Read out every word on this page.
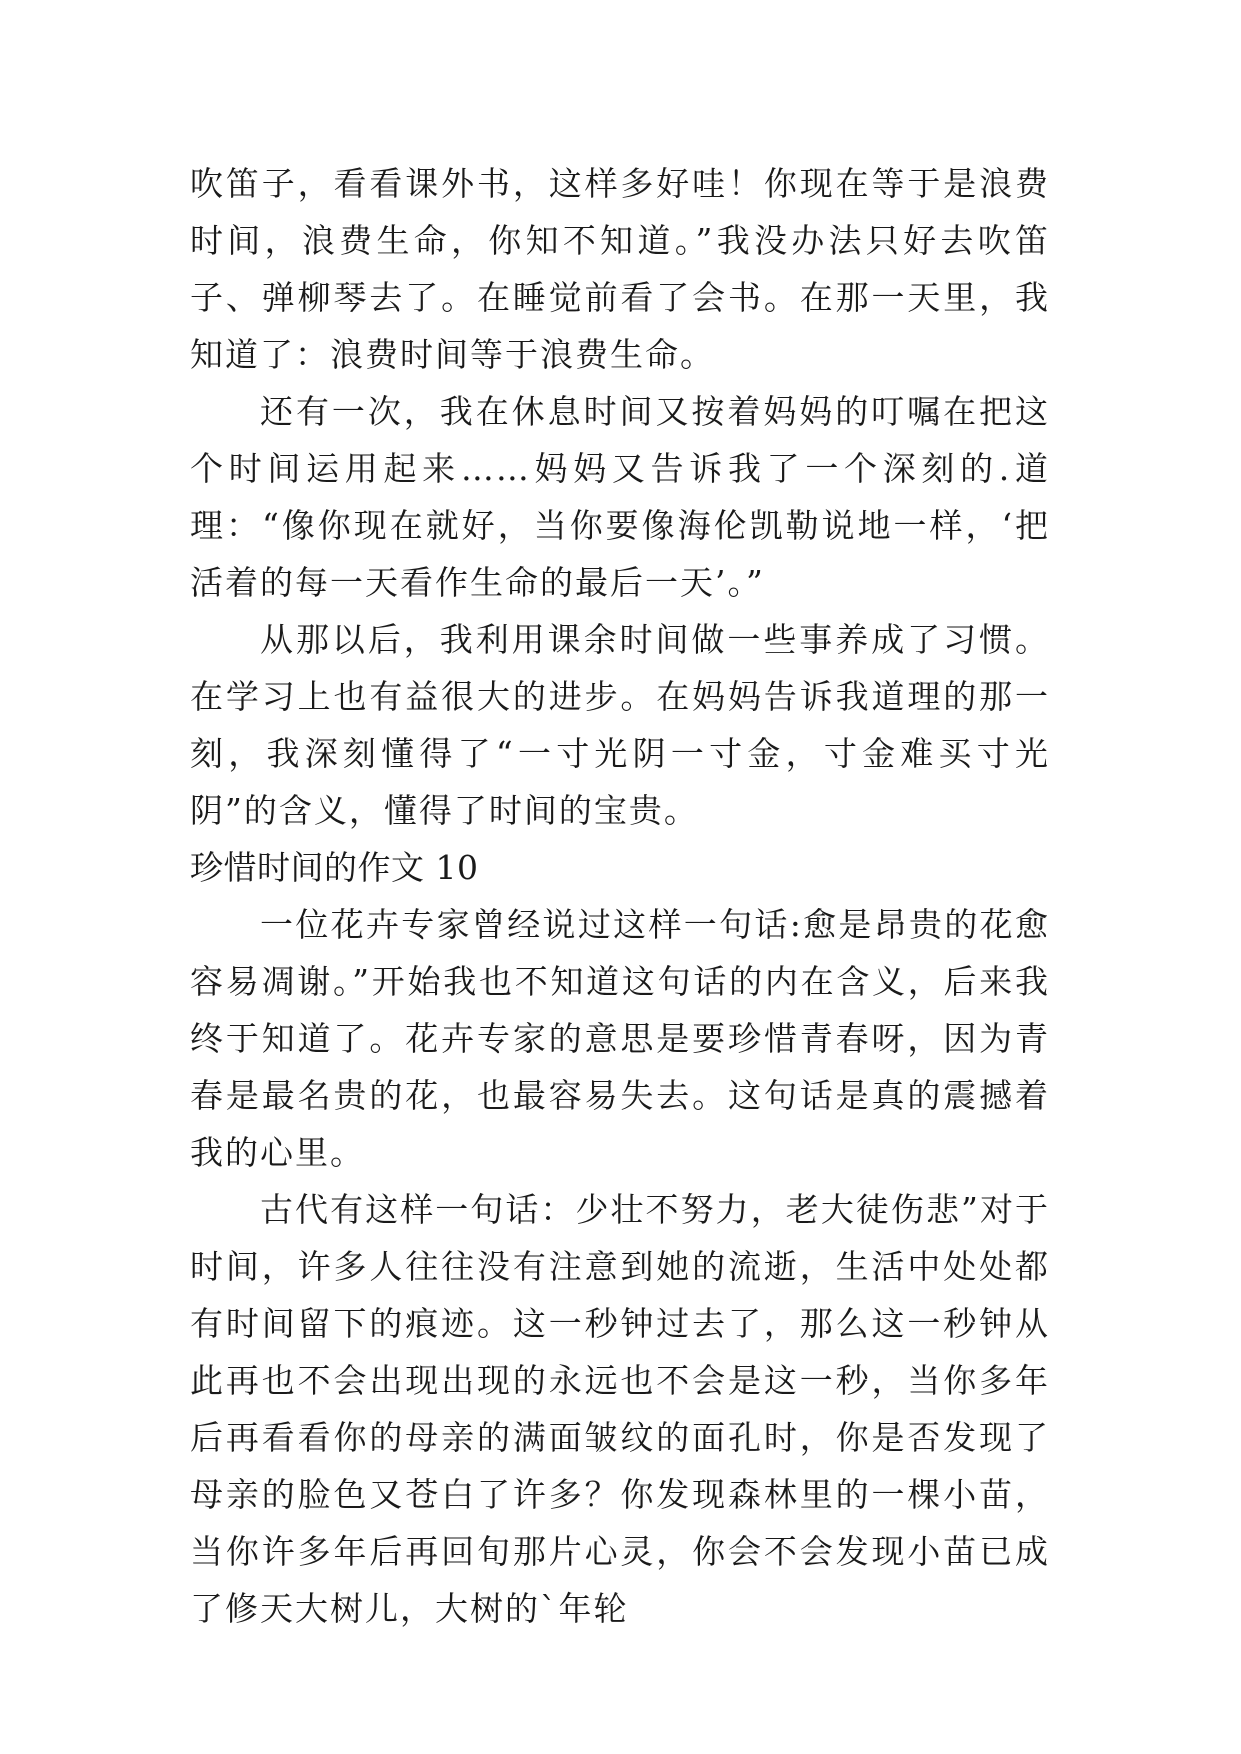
吹笛子，看看课外书，这样多好哇！你现在等于是浪费时间，浪费生命，你知不知道。”我没办法只好去吹笛子、弹柳琴去了。在睡觉前看了会书。在那一天里，我知道了：浪费时间等于浪费生命。

还有一次，我在休息时间又按着妈妈的叮嘱在把这个时间运用起来……妈妈又告诉我了一个深刻的.道理：“像你现在就好，当你要像海伦凯勒说地一样，‘把活着的每一天看作生命的最后一天’。”

从那以后，我利用课余时间做一些事养成了习惯。在学习上也有益很大的进步。在妈妈告诉我道理的那一刻，我深刻懂得了“一寸光阴一寸金，寸金难买寸光阴”的含义，懂得了时间的宝贵。

珍惜时间的作文 10

一位花卉专家曾经说过这样一句话:愈是昂贵的花愈容易凋谢。”开始我也不知道这句话的内在含义，后来我终于知道了。花卉专家的意思是要珍惜青春呀，因为青春是最名贵的花，也最容易失去。这句话是真的震撼着我的心里。

古代有这样一句话：少壮不努力，老大徒伤悲”对于时间，许多人往往没有注意到她的流逝，生活中处处都有时间留下的痕迹。这一秒钟过去了，那么这一秒钟从此再也不会出现出现的永远也不会是这一秒，当你多年后再看看你的母亲的满面皱纹的面孔时，你是否发现了母亲的脸色又苍白了许多？你发现森林里的一棵小苗，当你许多年后再回旬那片心灵，你会不会发现小苗已成了修天大树儿，大树的`年轮
